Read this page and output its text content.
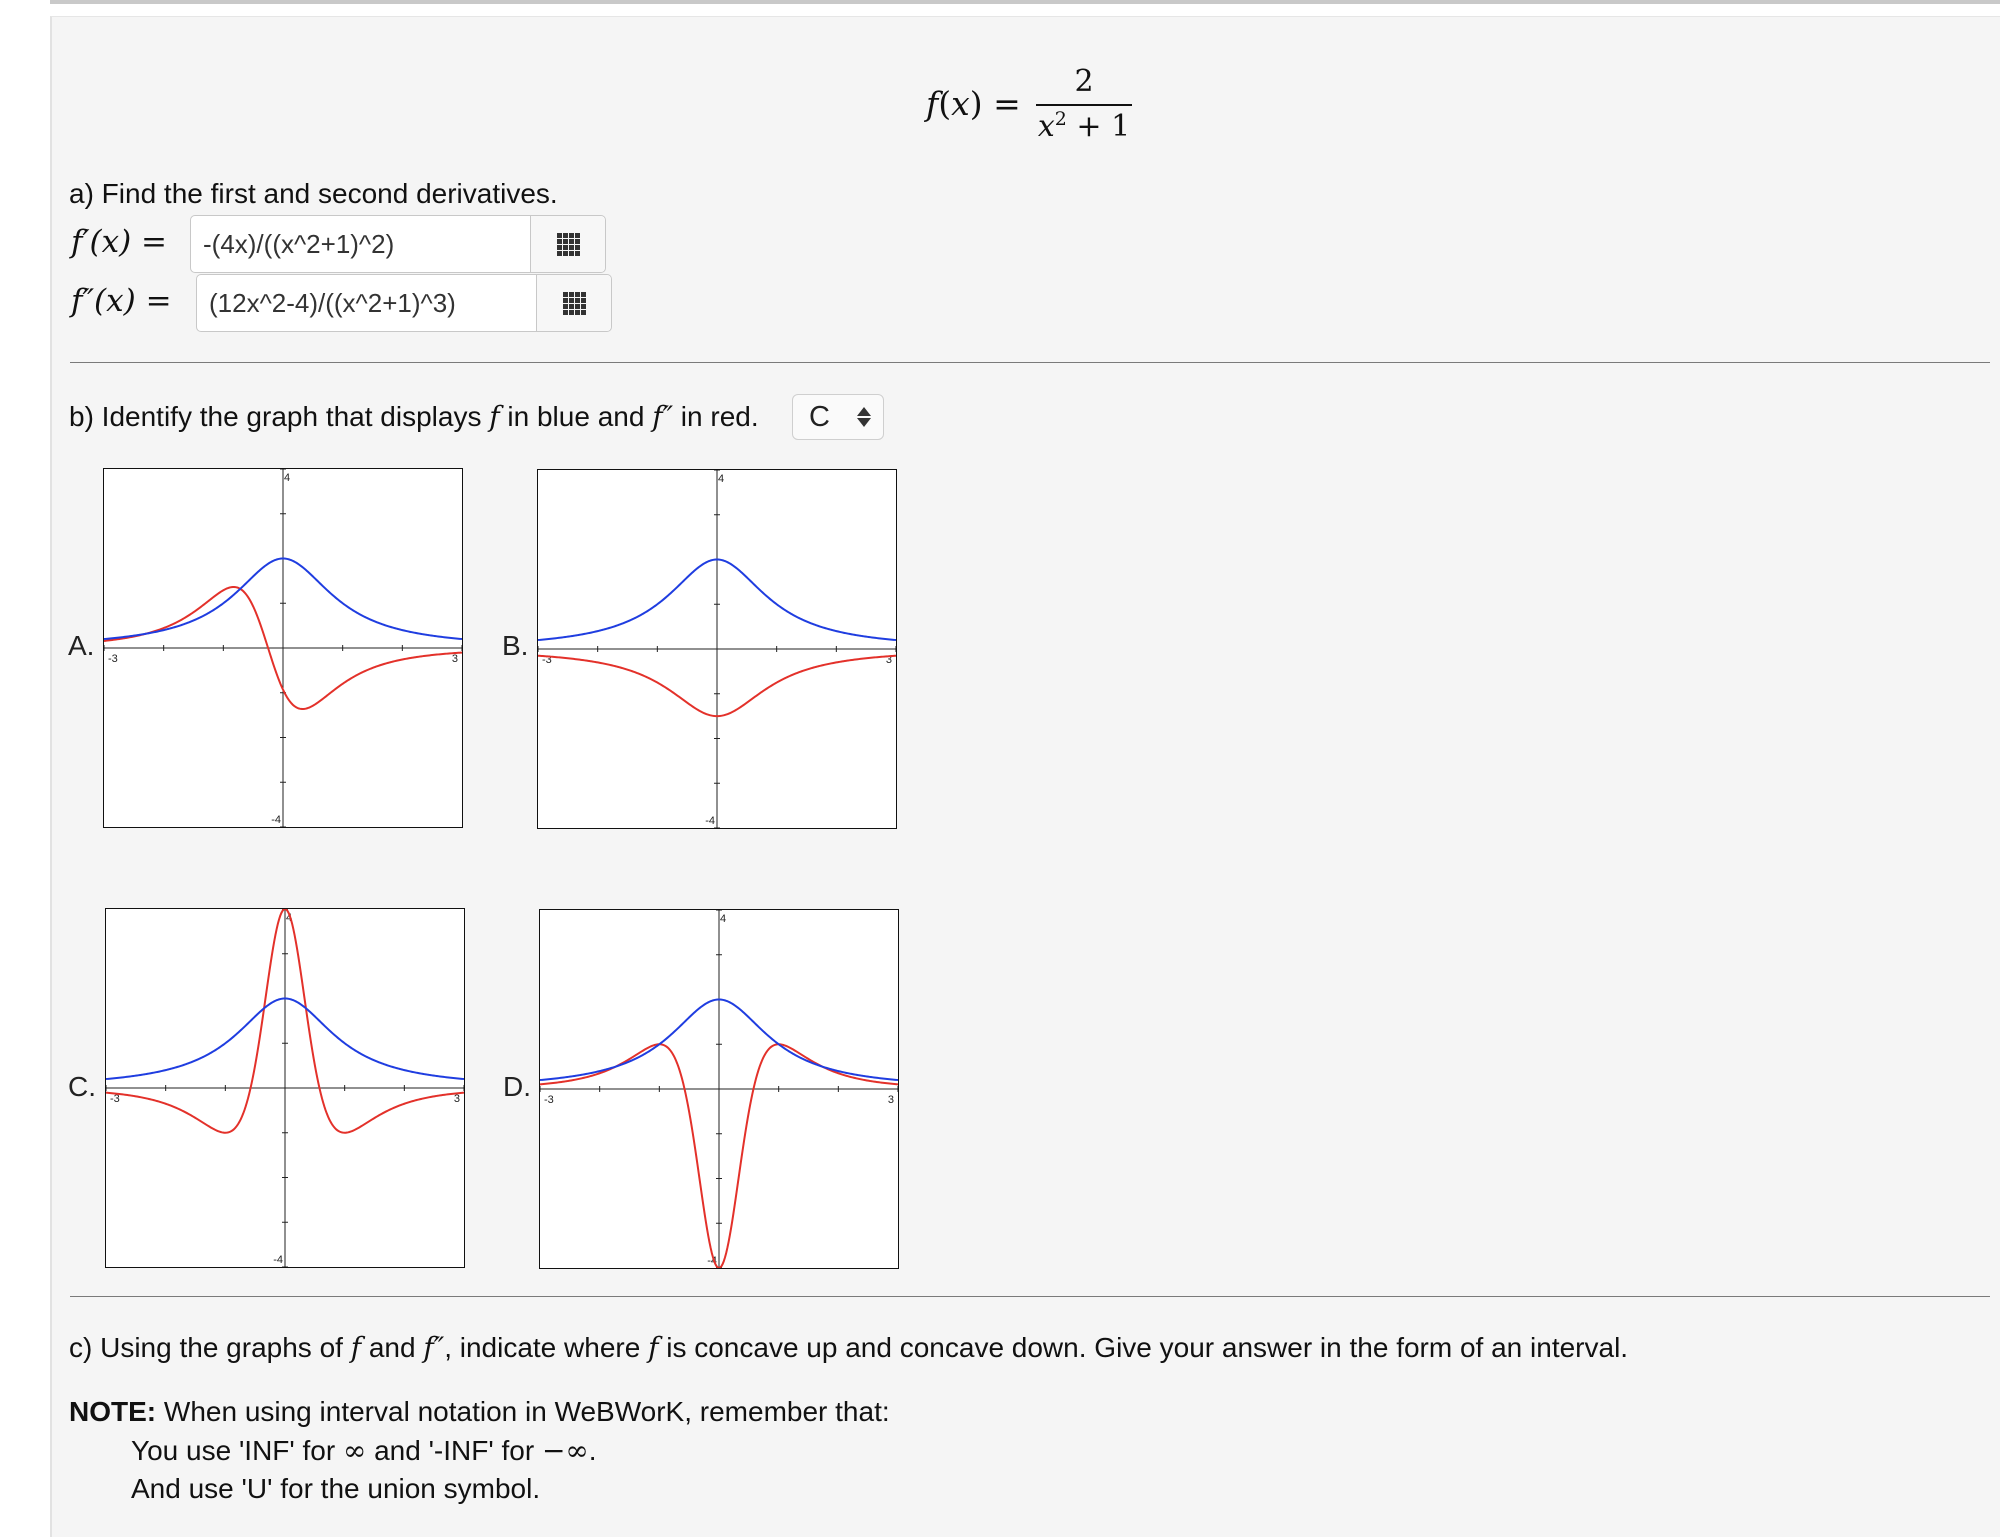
f(x) =
2
$x^2 + 1$
a) Find the first and second derivatives.
f′(x) =	-(4x)/((x^2+1)^2)
f″(x) =	(12x^2-4)/((x^2+1)^3)
b) Identify the graph that displays f in blue and f″ in red. C
A. -3	3
4
-4
B. -3	3
4
-4
C. -3	3
4
-4
D. -3	3
4
-4
c) Using the graphs of f and f″, indicate where f is concave up and concave down. Give your answer in the form of an interval.
NOTE: When using interval notation in WeBWorK, remember that:
You use 'INF' for ∞ and '-INF' for −∞.
And use 'U' for the union symbol.
